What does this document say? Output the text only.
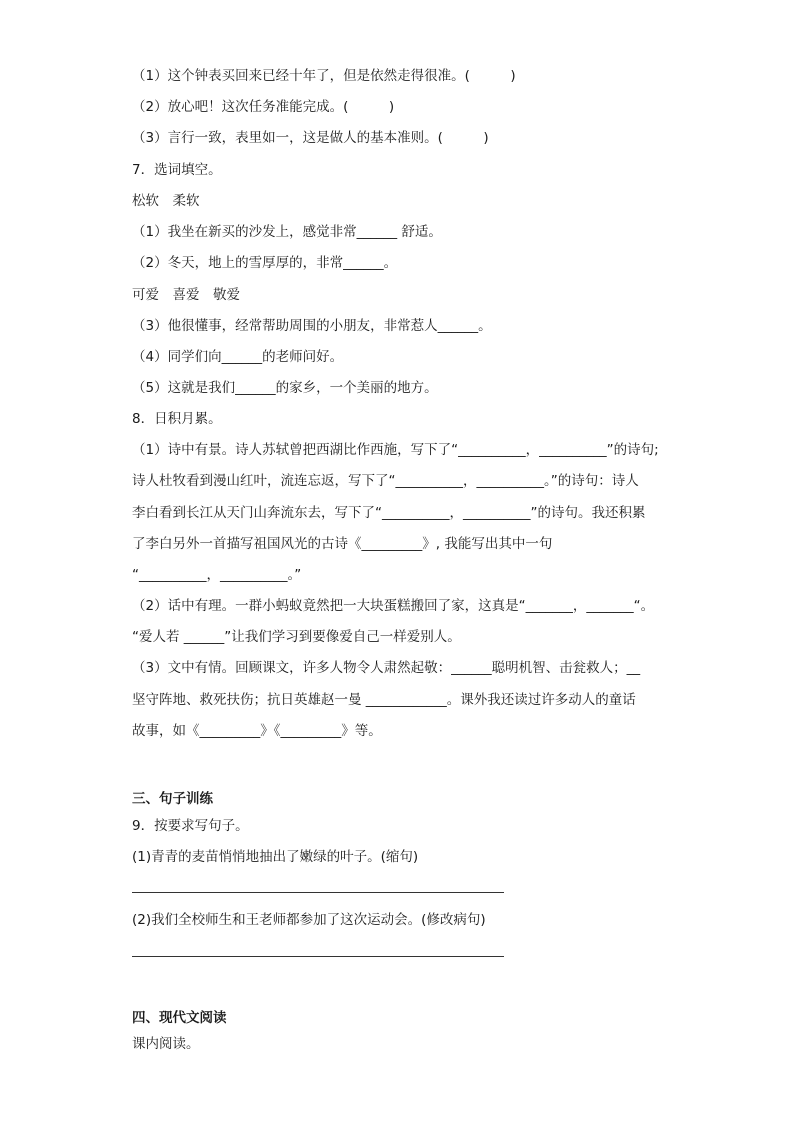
（1）这个钟表买回来已经十年了，但是依然走得很准。(　　　)
（2）放心吧！这次任务准能完成。(　　　)
（3）言行一致，表里如一，这是做人的基本准则。(　　　)
7．选词填空。
松软　柔软
（1）我坐在新买的沙发上，感觉非常______ 舒适。
（2）冬天，地上的雪厚厚的，非常______。
可爱　喜爱　敬爱
（3）他很懂事，经常帮助周围的小朋友，非常惹人______。
（4）同学们向______的老师问好。
（5）这就是我们______的家乡，一个美丽的地方。
8．日积月累。
（1）诗中有景。诗人苏轼曾把西湖比作西施，写下了“__________，__________”的诗句;
诗人杜牧看到漫山红叶，流连忘返，写下了“__________，__________。”的诗句：诗人
李白看到长江从天门山奔流东去，写下了“__________，__________”的诗句。我还积累
了李白另外一首描写祖国风光的古诗《_________》, 我能写出其中一句
“__________，__________。”
（2）话中有理。一群小蚂蚁竟然把一大块蛋糕搬回了家，这真是“_______，_______“。
“爱人若 ______”让我们学习到要像爱自己一样爱别人。
（3）文中有情。回顾课文，许多人物令人肃然起敬：______聪明机智、击瓮救人；__
坚守阵地、救死扶伤；抗日英雄赵一曼 ____________。课外我还读过许多动人的童话
故事，如《_________》《_________》等。
三、句子训练
9．按要求写句子。
(1)青青的麦苗悄悄地抽出了嫩绿的叶子。(缩句)
(2)我们全校师生和王老师都参加了这次运动会。(修改病句)
四、现代文阅读
课内阅读。
